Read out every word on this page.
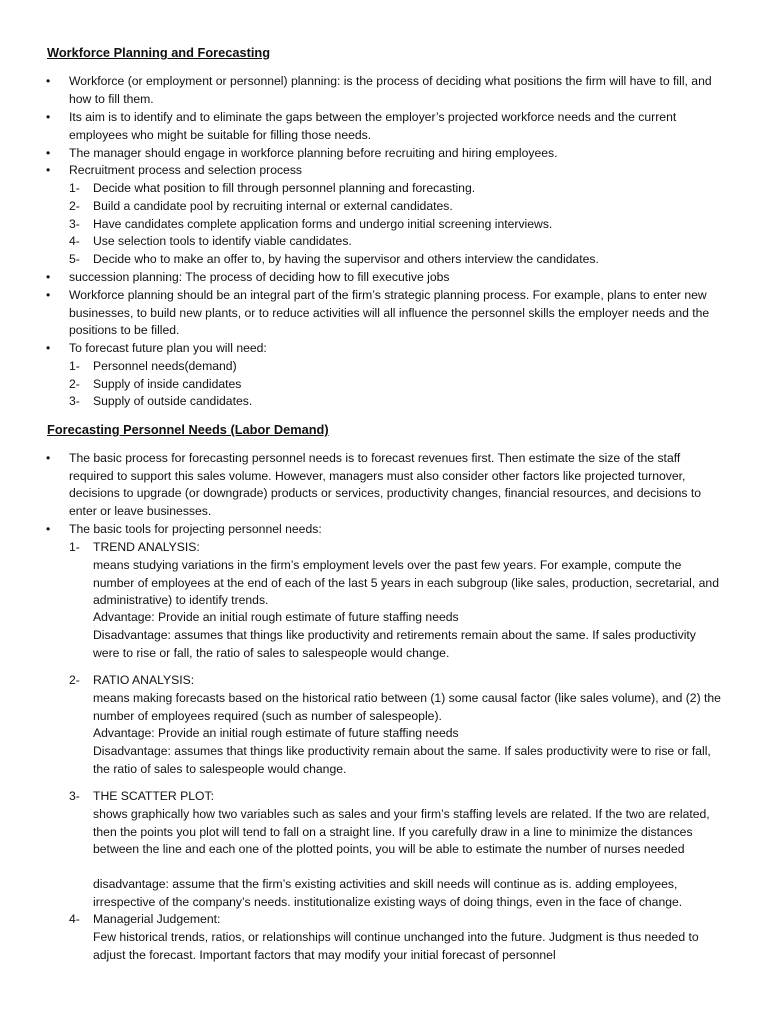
Workforce Planning and Forecasting
•	Workforce (or employment or personnel) planning: is the process of deciding what positions the firm will have to fill, and how to fill them.
•	Its aim is to identify and to eliminate the gaps between the employer’s projected workforce needs and the current employees who might be suitable for filling those needs.
•	The manager should engage in workforce planning before recruiting and hiring employees.
•	Recruitment process and selection process
1- Decide what position to fill through personnel planning and forecasting.
2- Build a candidate pool by recruiting internal or external candidates.
3- Have candidates complete application forms and undergo initial screening interviews.
4- Use selection tools to identify viable candidates.
5- Decide who to make an offer to, by having the supervisor and others interview the candidates.
•	succession planning: The process of deciding how to fill executive jobs
•	Workforce planning should be an integral part of the firm’s strategic planning process. For example, plans to enter new businesses, to build new plants, or to reduce activities will all influence the personnel skills the employer needs and the positions to be filled.
•	To forecast future plan you will need:
1- Personnel needs(demand)
2- Supply of inside candidates
3- Supply of outside candidates.
Forecasting Personnel Needs (Labor Demand)
•	The basic process for forecasting personnel needs is to forecast revenues first. Then estimate the size of the staff required to support this sales volume. However, managers must also consider other factors like projected turnover, decisions to upgrade (or downgrade) products or services, productivity changes, financial resources, and decisions to enter or leave businesses.
•	The basic tools for projecting personnel needs:
1- TREND ANALYSIS:
means studying variations in the firm’s employment levels over the past few years. For example, compute the number of employees at the end of each of the last 5 years in each subgroup (like sales, production, secretarial, and administrative) to identify trends.
Advantage: Provide an initial rough estimate of future staffing needs
Disadvantage: assumes that things like productivity and retirements remain about the same. If sales productivity were to rise or fall, the ratio of sales to salespeople would change.
2- RATIO ANALYSIS:
means making forecasts based on the historical ratio between (1) some causal factor (like sales volume), and (2) the number of employees required (such as number of salespeople).
Advantage: Provide an initial rough estimate of future staffing needs
Disadvantage: assumes that things like productivity remain about the same. If sales productivity were to rise or fall, the ratio of sales to salespeople would change.
3- THE SCATTER PLOT:
shows graphically how two variables such as sales and your firm’s staffing levels are related. If the two are related, then the points you plot will tend to fall on a straight line. If you carefully draw in a line to minimize the distances between the line and each one of the plotted points, you will be able to estimate the number of nurses needed
disadvantage: assume that the firm’s existing activities and skill needs will continue as is. adding employees, irrespective of the company’s needs. institutionalize existing ways of doing things, even in the face of change.
4- Managerial Judgement:
Few historical trends, ratios, or relationships will continue unchanged into the future. Judgment is thus needed to adjust the forecast. Important factors that may modify your initial forecast of personnel
